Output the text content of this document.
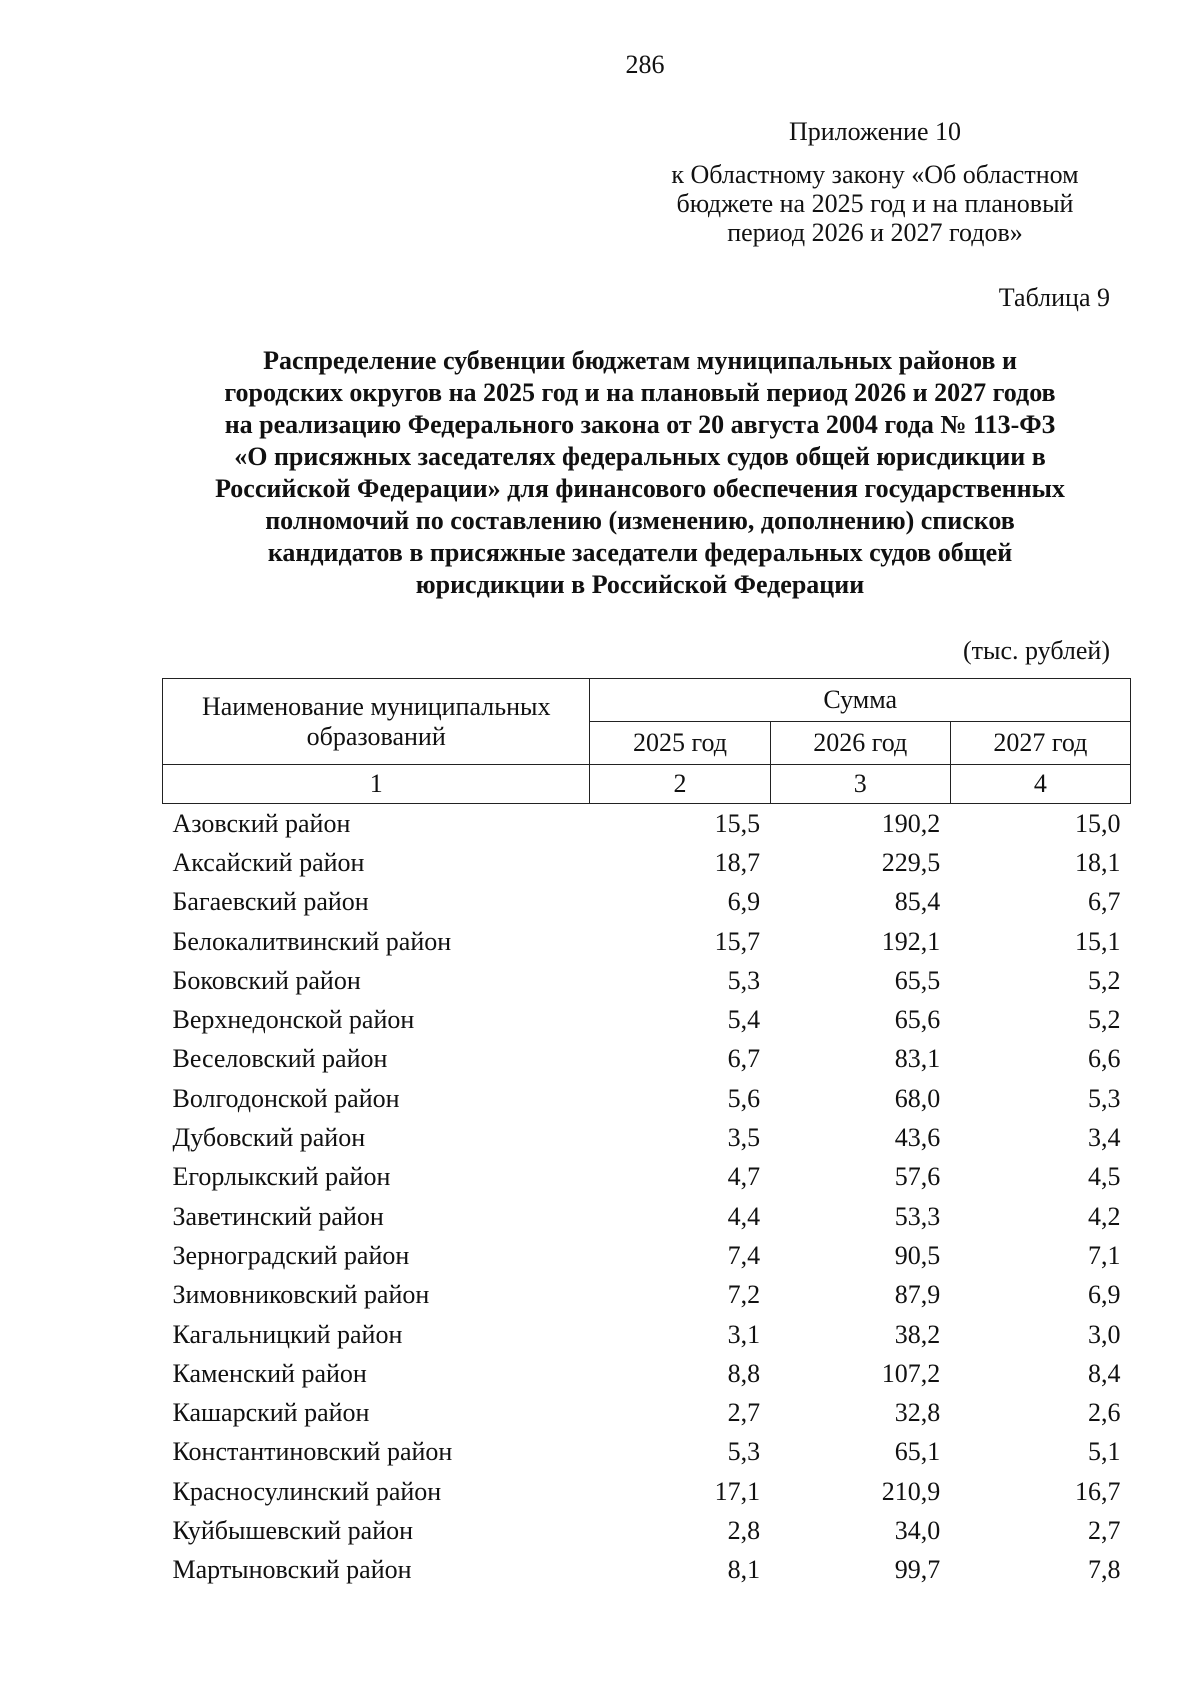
286
Приложение 10
к Областному закону «Об областном
бюджете на 2025 год и на плановый
период 2026 и 2027 годов»
Таблица 9
Распределение субвенции бюджетам муниципальных районов и
городских округов на 2025 год и на плановый период 2026 и 2027 годов
на реализацию Федерального закона от 20 августа 2004 года № 113-ФЗ
«О присяжных заседателях федеральных судов общей юрисдикции в
Российской Федерации» для финансового обеспечения государственных
полномочий по составлению (изменению, дополнению) списков
кандидатов в присяжные заседатели федеральных судов общей
юрисдикции в Российской Федерации
(тыс. рублей)
Наименование муниципальных образований	Сумма		
	2025 год	2026 год	2027 год
1	2	3	4
Азовский район	15,5	190,2	15,0
Аксайский район	18,7	229,5	18,1
Багаевский район	6,9	85,4	6,7
Белокалитвинский район	15,7	192,1	15,1
Боковский район	5,3	65,5	5,2
Верхнедонской район	5,4	65,6	5,2
Веселовский район	6,7	83,1	6,6
Волгодонской район	5,6	68,0	5,3
Дубовский район	3,5	43,6	3,4
Егорлыкский район	4,7	57,6	4,5
Заветинский район	4,4	53,3	4,2
Зерноградский район	7,4	90,5	7,1
Зимовниковский район	7,2	87,9	6,9
Кагальницкий район	3,1	38,2	3,0
Каменский район	8,8	107,2	8,4
Кашарский район	2,7	32,8	2,6
Константиновский район	5,3	65,1	5,1
Красносулинский район	17,1	210,9	16,7
Куйбышевский район	2,8	34,0	2,7
Мартыновский район	8,1	99,7	7,8
